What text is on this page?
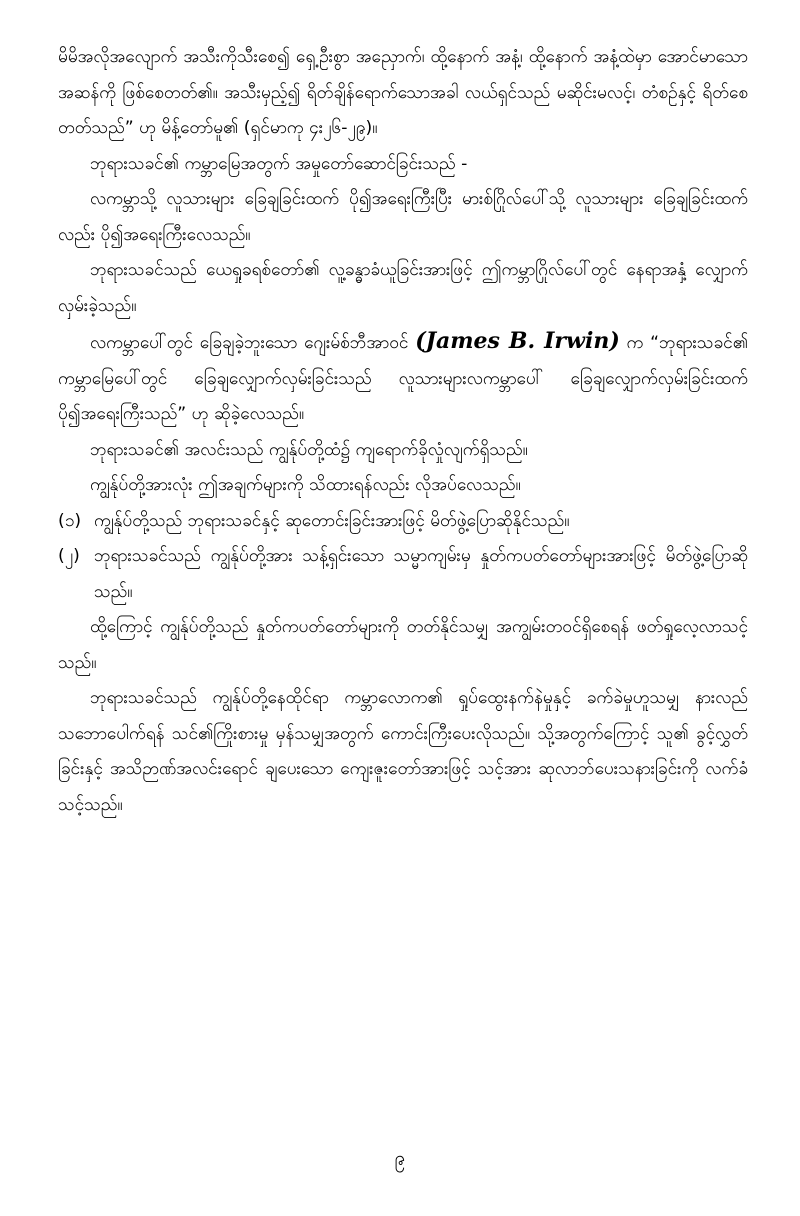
မိမိအလိုအလျောက် အသီးကိုသီးစေ၍ ရှေ့ဦးစွာ အညှောက်၊ ထို့နောက် အနံ့၊ ထို့နောက် အနံ့ထဲမှာ အောင်မာသောအဆန်ကို ဖြစ်စေတတ်၏။ အသီးမှည့်၍ ရိတ်ချိန်ရောက်သောအခါ လယ်ရှင်သည် မဆိုင်းမလင့်၊ တံစဉ်နှင့် ရိတ်စေတတ်သည်” ဟု မိန့်တော်မူ၏ (ရှင်မာကု ၄း၂၆-၂၉)။

ဘုရားသခင်၏ ကမ္ဘာမြေအတွက် အမှုတော်ဆောင်ခြင်းသည် -

လကမ္ဘာသို့ လူသားများ ခြေချခြင်းထက် ပို၍အရေးကြီးပြီး မားစ်ဂြိုလ်ပေါ်သို့ လူသားများ ခြေချခြင်းထက်လည်း ပို၍အရေးကြီးလေသည်။

ဘုရားသခင်သည် ယေရှုခရစ်တော်၏ လူ့ခန္ဓာခံယူခြင်းအားဖြင့် ဤကမ္ဘာဂြိုလ်ပေါ်တွင် နေရာအနှံ့ လျှောက်လှမ်းခဲ့သည်။

လကမ္ဘာပေါ်တွင် ခြေချခဲ့ဘူးသော ဂျေးမ်စ်ဘီအာဝင် (James B. Irwin) က “ဘုရားသခင်၏ ကမ္ဘာမြေပေါ်တွင် ခြေချလျှောက်လှမ်းခြင်းသည် လူသားများလကမ္ဘာပေါ် ခြေချလျှောက်လှမ်းခြင်းထက် ပို၍အရေးကြီးသည်” ဟု ဆိုခဲ့လေသည်။

ဘုရားသခင်၏ အလင်းသည် ကျွန်ုပ်တို့ထံ၌ ကျရောက်ခိုလှုံလျက်ရှိသည်။

ကျွန်ုပ်တို့အားလုံး ဤအချက်များကို သိထားရန်လည်း လိုအပ်လေသည်။

(၁) ကျွန်ုပ်တို့သည် ဘုရားသခင်နှင့် ဆုတောင်းခြင်းအားဖြင့် မိတ်ဖွဲ့ပြောဆိုနိုင်သည်။
(၂) ဘုရားသခင်သည် ကျွန်ုပ်တို့အား သန့်ရှင်းသော သမ္မာကျမ်းမှ နှုတ်ကပတ်တော်များအားဖြင့် မိတ်ဖွဲ့ပြောဆိုသည်။

ထို့ကြောင့် ကျွန်ုပ်တို့သည် နှုတ်ကပတ်တော်များကို တတ်နိုင်သမျှ အကျွမ်းတဝင်ရှိစေရန် ဖတ်ရှုလေ့လာသင့်သည်။

ဘုရားသခင်သည် ကျွန်ုပ်တို့နေထိုင်ရာ ကမ္ဘာလောက၏ ရှုပ်ထွေးနက်နဲမှုနှင့် ခက်ခဲမှုဟူသမျှ နားလည်သဘောပေါက်ရန် သင်၏ကြိုးစားမှု မှန်သမျှအတွက် ကောင်းကြီးပေးလိုသည်။ သို့အတွက်ကြောင့် သူ၏ ခွင့်လွှတ်ခြင်းနှင့် အသိဉာဏ်အလင်းရောင် ချပေးသော ကျေးဇူးတော်အားဖြင့် သင့်အား ဆုလာဘ်ပေးသနားခြင်းကို လက်ခံသင့်သည်။

၉
